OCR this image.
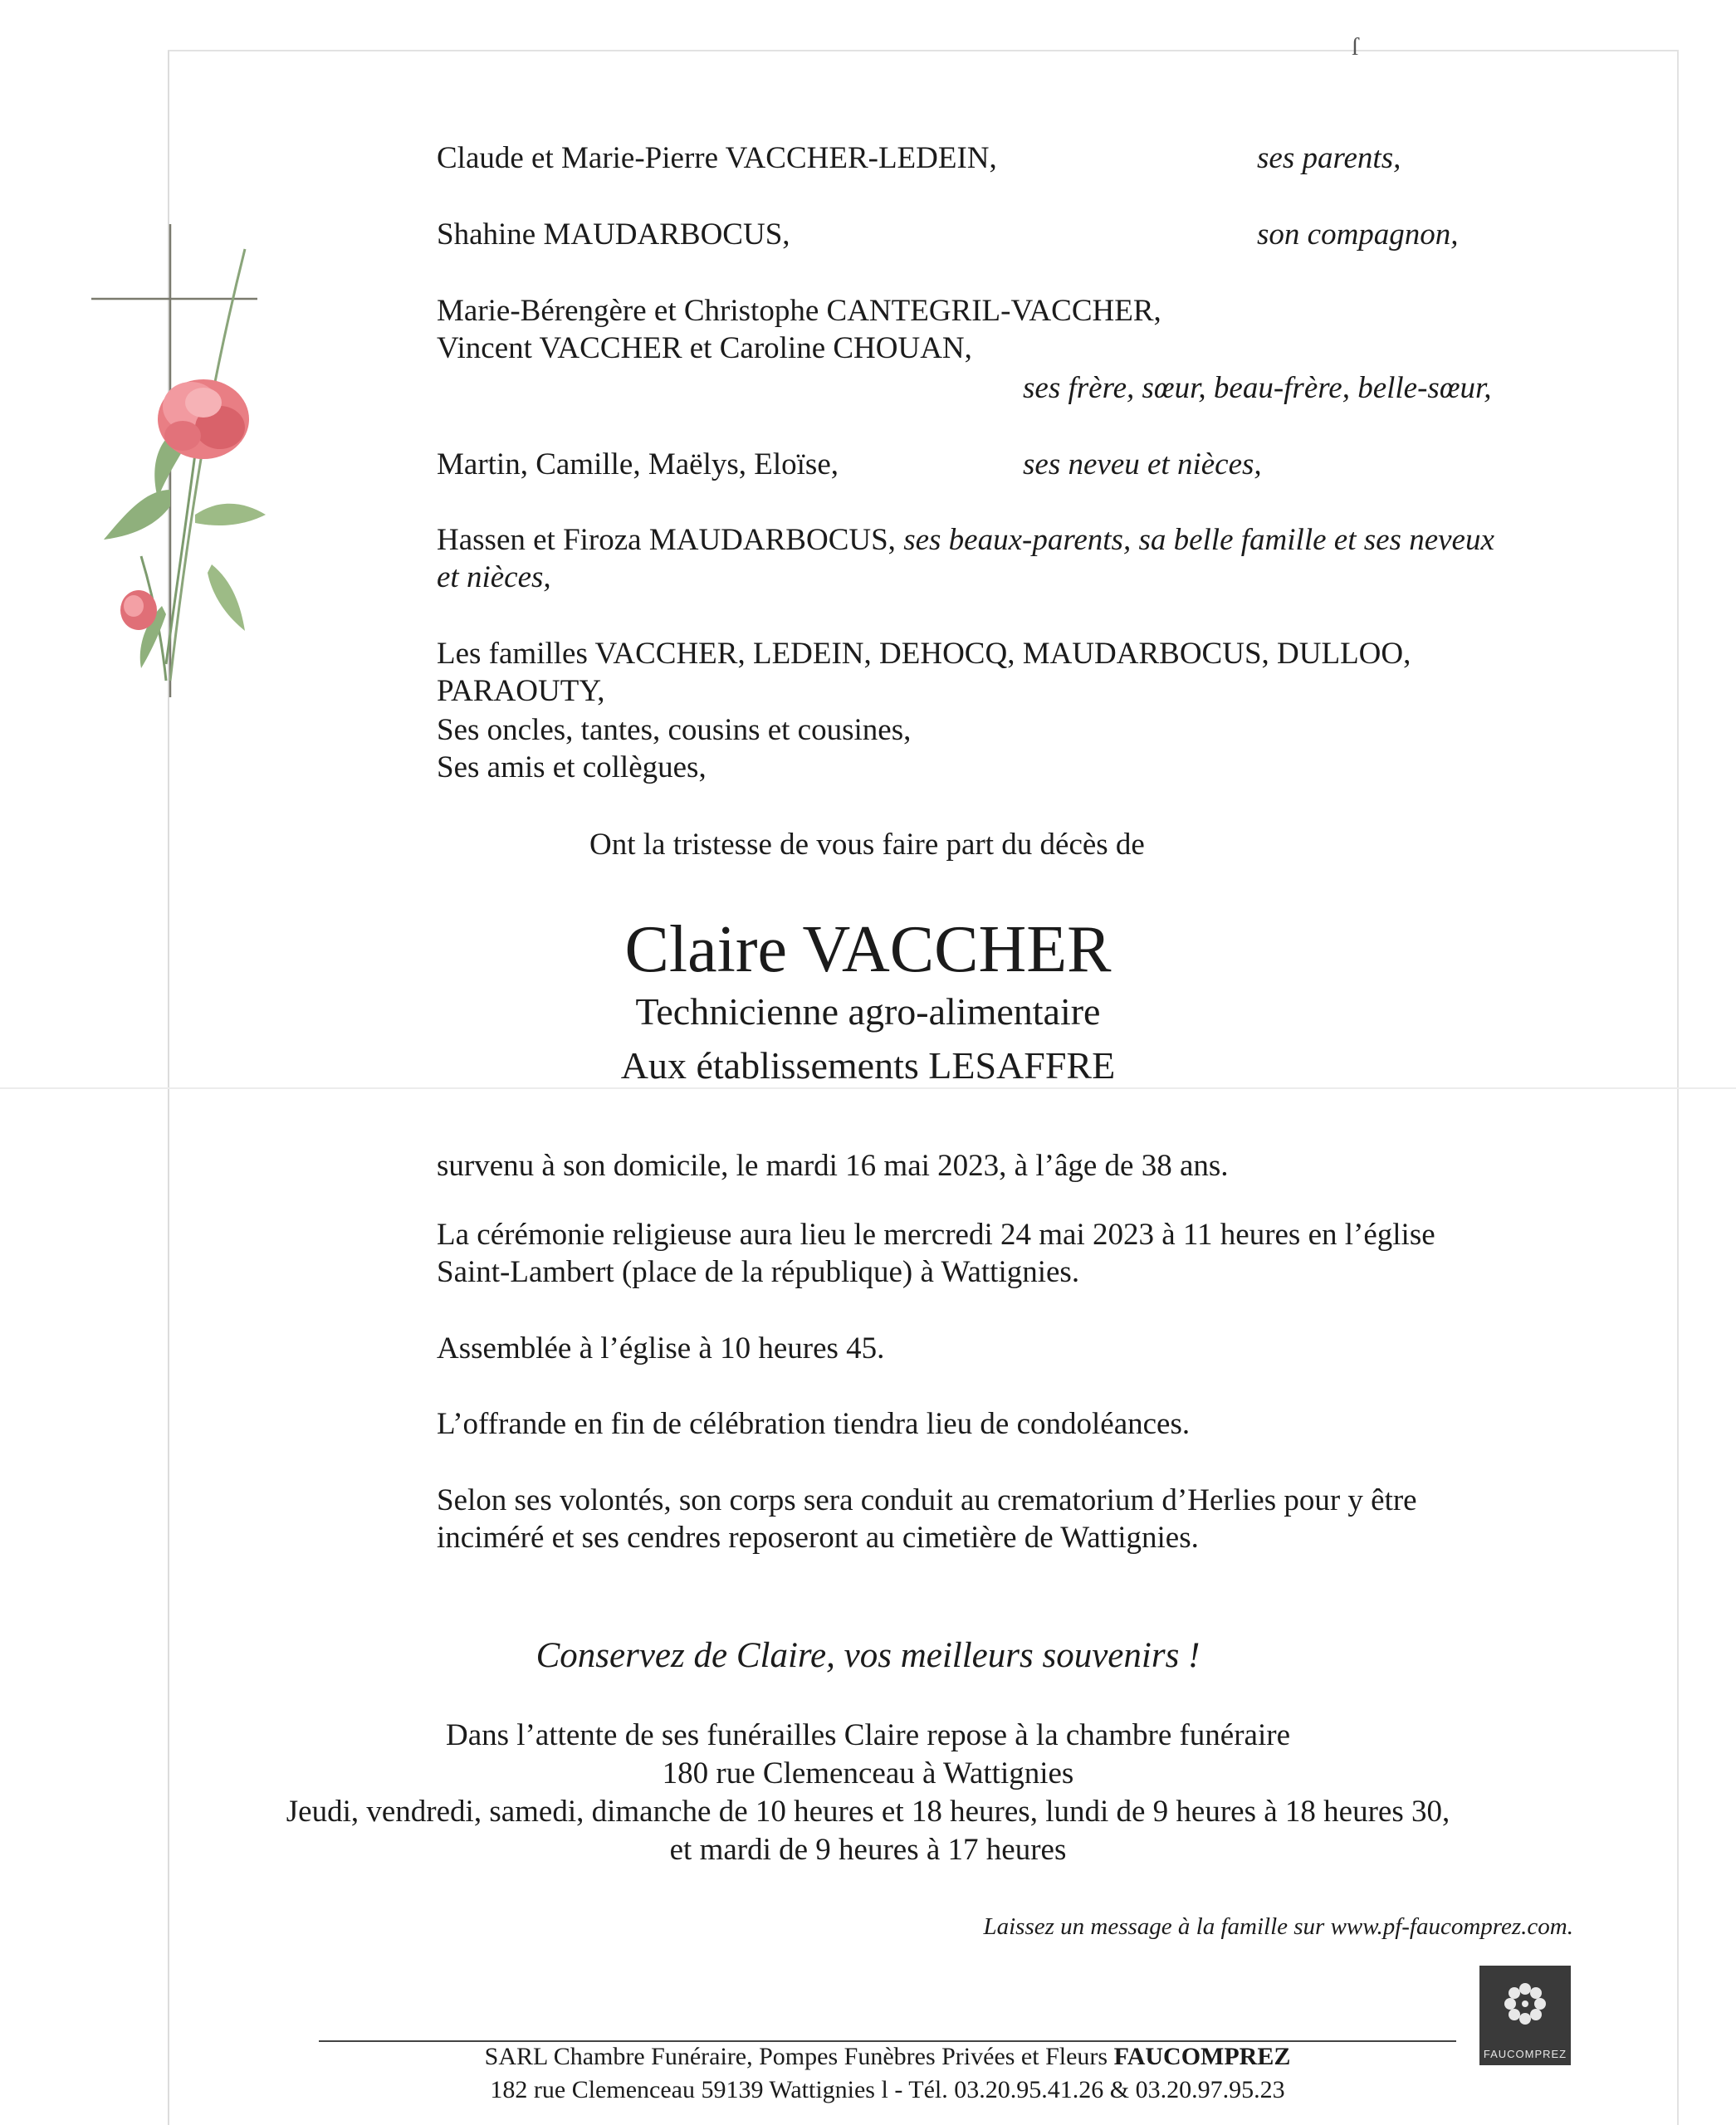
ſ
Claude et Marie-Pierre VACCHER-LEDEIN,	ses parents,
Shahine MAUDARBOCUS,	son compagnon,
Marie-Bérengère et Christophe CANTEGRIL-VACCHER,
Vincent VACCHER et Caroline CHOUAN,
ses frère, sœur, beau-frère, belle-sœur,
Martin, Camille, Maëlys, Eloïse,	ses neveu et nièces,
Hassen et Firoza MAUDARBOCUS, ses beaux-parents, sa belle famille et ses neveux
et nièces,
Les familles VACCHER, LEDEIN, DEHOCQ, MAUDARBOCUS, DULLOO,
PARAOUTY,
Ses oncles, tantes, cousins et cousines,
Ses amis et collègues,
Ont la tristesse de vous faire part du décès de
Claire VACCHER
Technicienne agro-alimentaire
Aux établissements LESAFFRE
survenu à son domicile, le mardi 16 mai 2023, à l’âge de 38 ans.
La cérémonie religieuse aura lieu le mercredi 24 mai 2023 à 11 heures en l’église
Saint-Lambert (place de la république) à Wattignies.
Assemblée à l’église à 10 heures 45.
L’offrande en fin de célébration tiendra lieu de condoléances.
Selon ses volontés, son corps sera conduit au crematorium d’Herlies pour y être
inciméré et ses cendres reposeront au cimetière de Wattignies.
Conservez de Claire, vos meilleurs souvenirs !
Dans l’attente de ses funérailles Claire repose à la chambre funéraire
180 rue Clemenceau à Wattignies
Jeudi, vendredi, samedi, dimanche de 10 heures et 18 heures, lundi de 9 heures à 18 heures 30,
et mardi de 9 heures à 17 heures
Laissez un message à la famille sur www.pf-faucomprez.com.
FAUCOMPREZ
SARL Chambre Funéraire, Pompes Funèbres Privées et Fleurs FAUCOMPREZ
182 rue Clemenceau 59139 Wattignies l - Tél. 03.20.95.41.26 & 03.20.97.95.23
